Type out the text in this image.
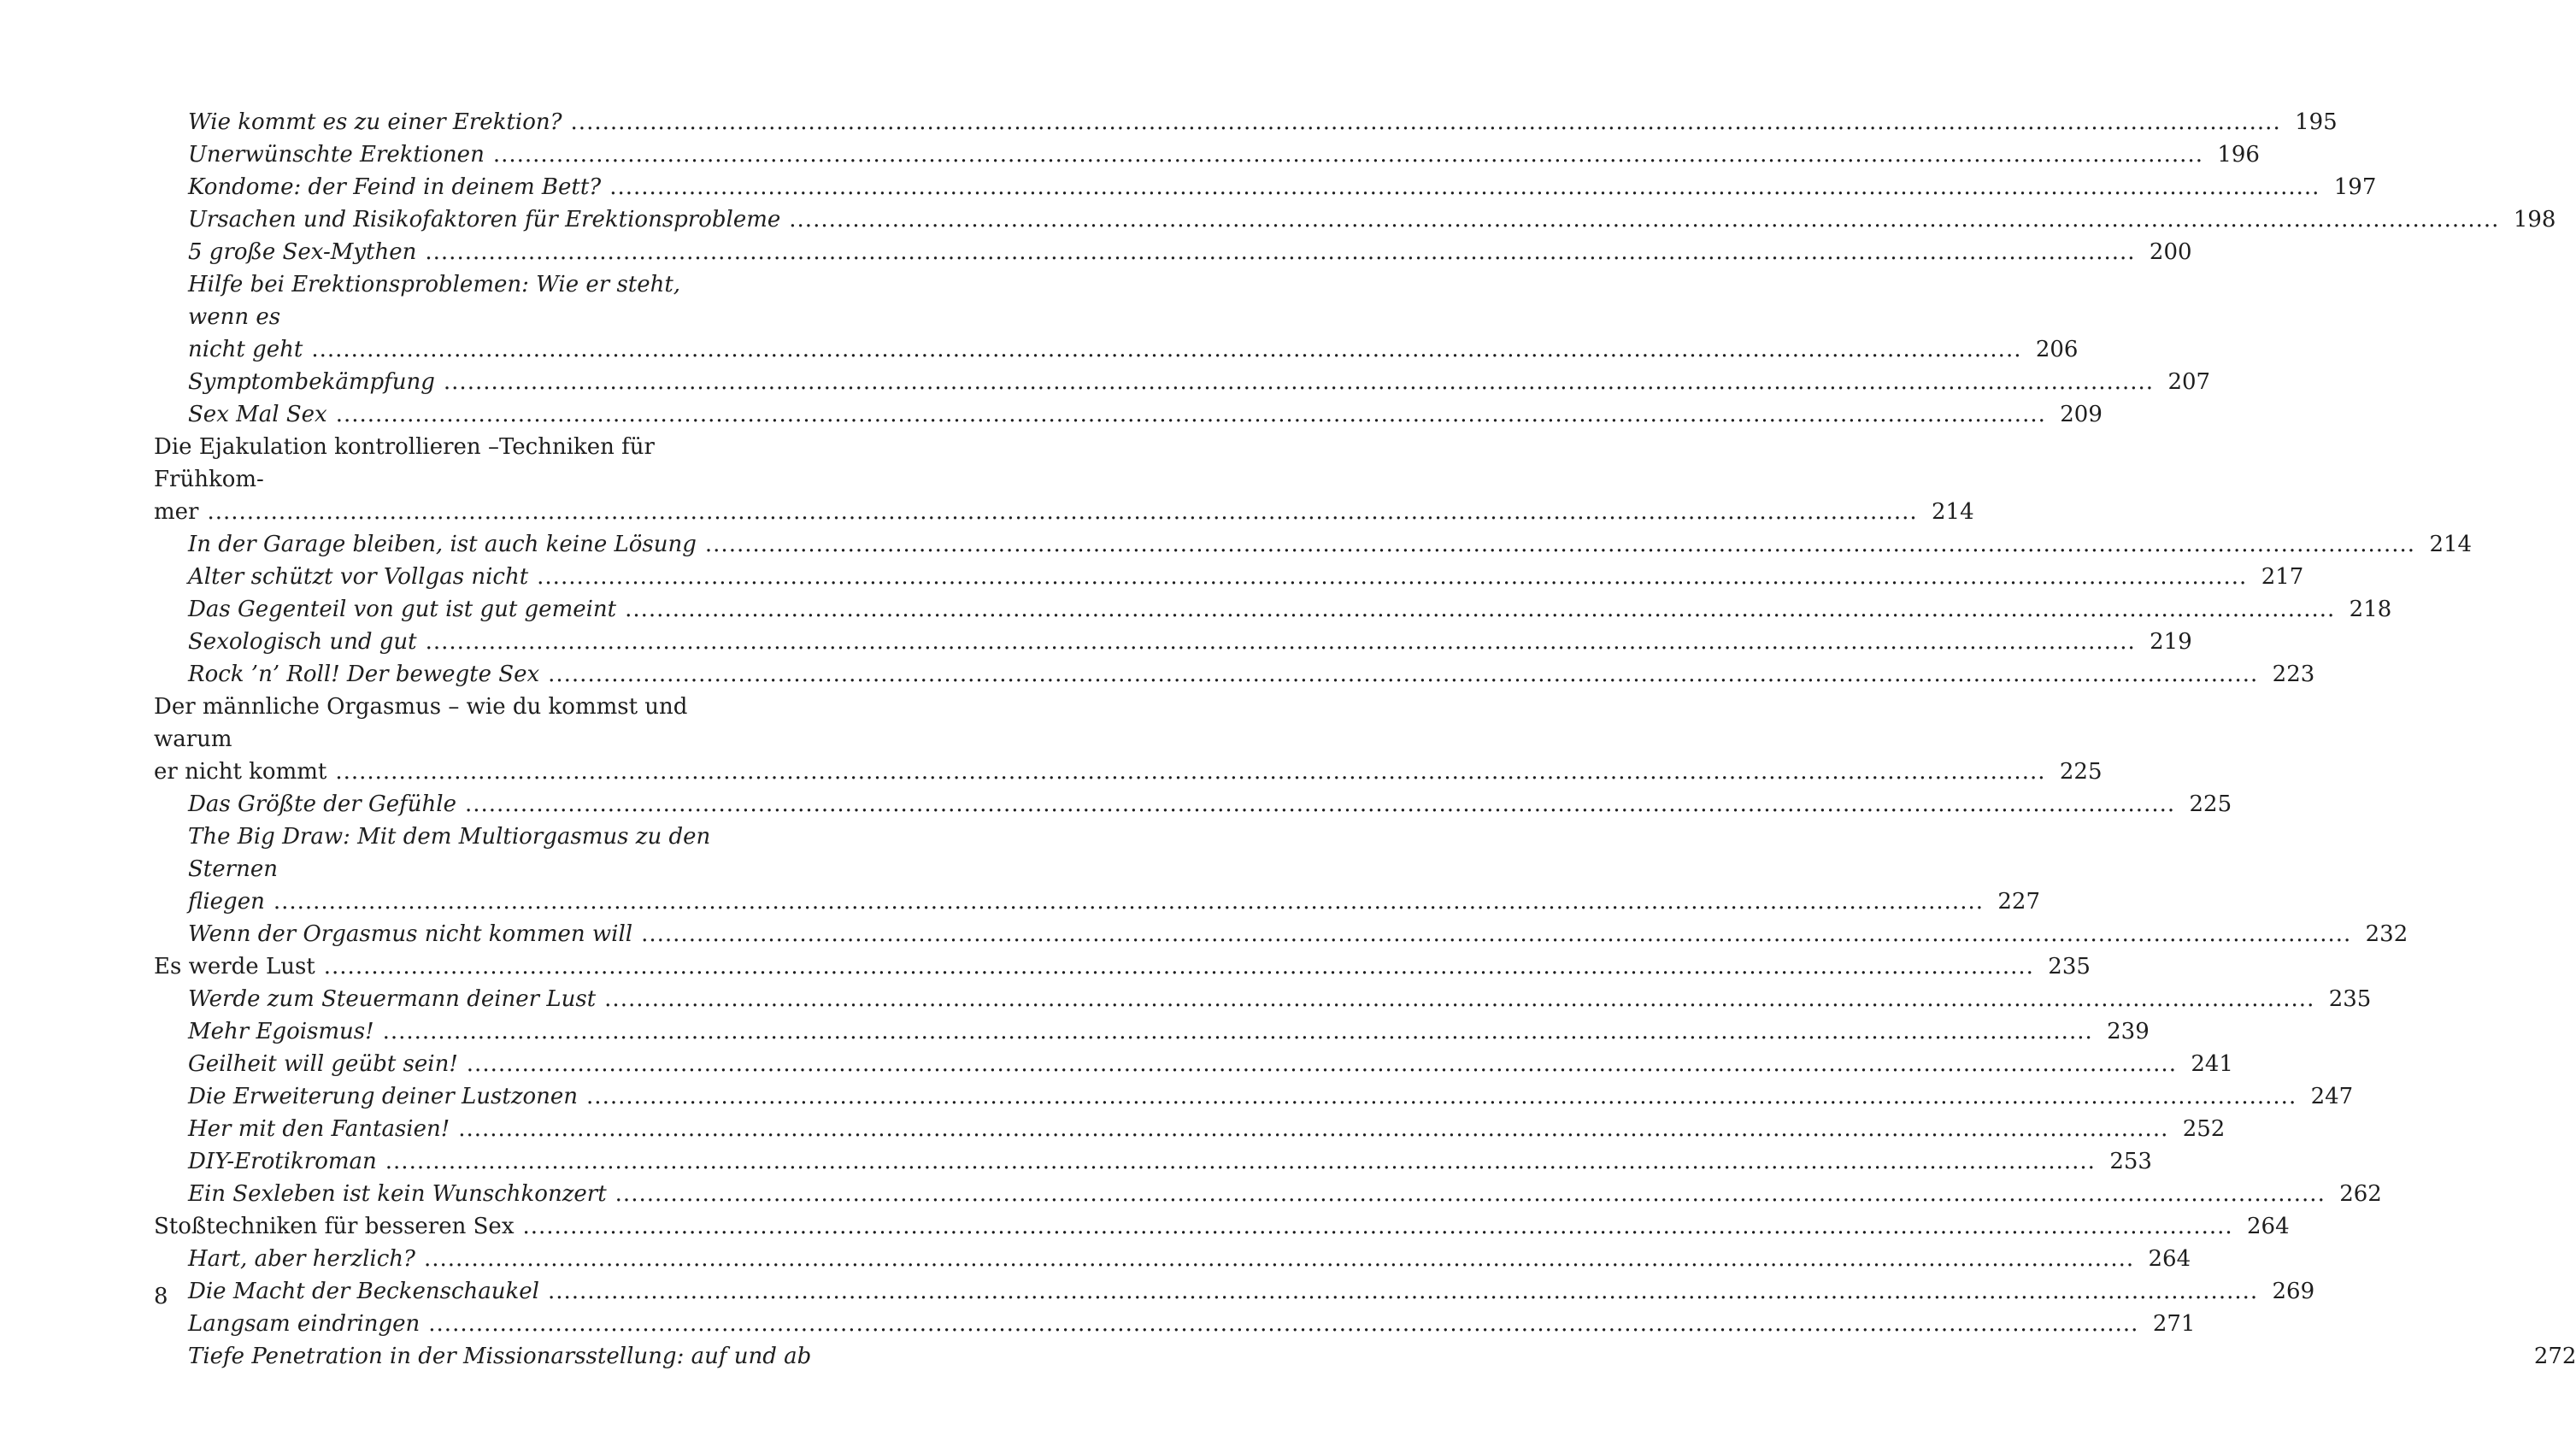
Wie kommt es zu einer Erektion? .....	195
Unerwünschte Erektionen .....	196
Kondome: der Feind in deinem Bett? .....	197
Ursachen und Risikofaktoren für Erektionsprobleme .....	198
5 große Sex-Mythen .....	200
Hilfe bei Erektionsproblemen: Wie er steht, wenn es
nicht geht .....	206
Symptombekämpfung .....	207
Sex Mal Sex .....	209
Die Ejakulation kontrollieren –Techniken für Frühkom-
mer .....	214
In der Garage bleiben, ist auch keine Lösung .....	214
Alter schützt vor Vollgas nicht .....	217
Das Gegenteil von gut ist gut gemeint .....	218
Sexologisch und gut .....	219
Rock ’n’ Roll! Der bewegte Sex .....	223
Der männliche Orgasmus – wie du kommst und warum
er nicht kommt .....	225
Das Größte der Gefühle .....	225
The Big Draw: Mit dem Multiorgasmus zu den Sternen
fliegen .....	227
Wenn der Orgasmus nicht kommen will .....	232
Es werde Lust .....	235
Werde zum Steuermann deiner Lust .....	235
Mehr Egoismus! .....	239
Geilheit will geübt sein! .....	241
Die Erweiterung deiner Lustzonen .....	247
Her mit den Fantasien! .....	252
DIY-Erotikroman .....	253
Ein Sexleben ist kein Wunschkonzert .....	262
Stoßtechniken für besseren Sex .....	264
Hart, aber herzlich? .....	264
Die Macht der Beckenschaukel .....	269
Langsam eindringen .....	271
Tiefe Penetration in der Missionarsstellung: auf und ab	272
8
